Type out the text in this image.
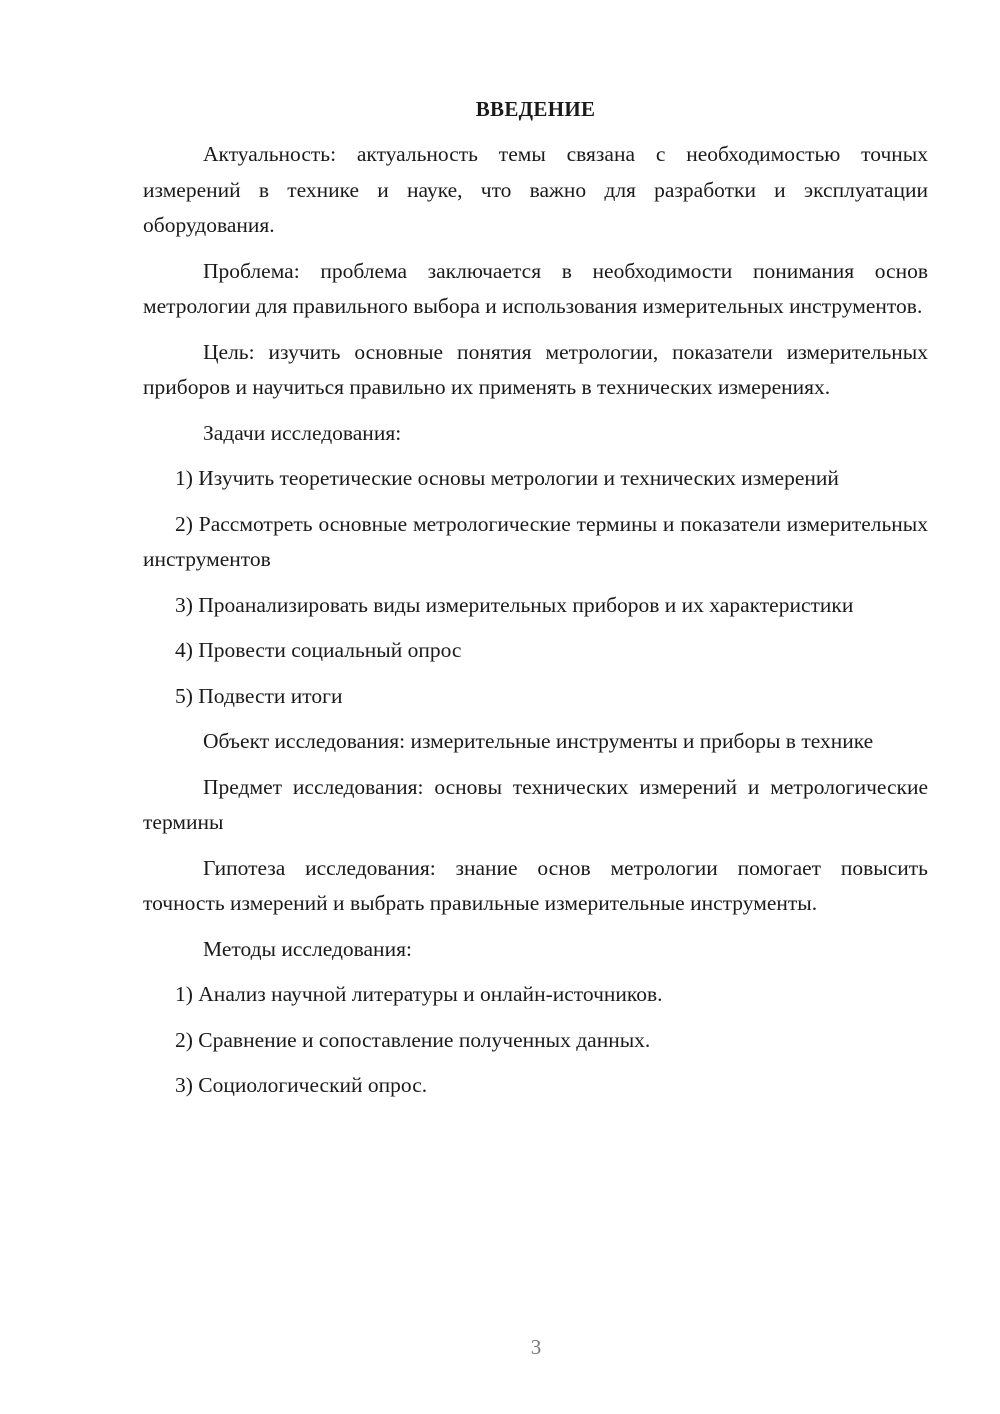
ВВЕДЕНИЕ

Актуальность: актуальность темы связана с необходимостью точных измерений в технике и науке, что важно для разработки и эксплуатации оборудования.

Проблема: проблема заключается в необходимости понимания основ метрологии для правильного выбора и использования измерительных инструментов.

Цель: изучить основные понятия метрологии, показатели измерительных приборов и научиться правильно их применять в технических измерениях.

Задачи исследования:

1) Изучить теоретические основы метрологии и технических измерений

2) Рассмотреть основные метрологические термины и показатели измерительных инструментов

3) Проанализировать виды измерительных приборов и их характеристики

4) Провести социальный опрос

5) Подвести итоги

Объект исследования: измерительные инструменты и приборы в технике

Предмет исследования: основы технических измерений и метрологические термины

Гипотеза исследования: знание основ метрологии помогает повысить точность измерений и выбрать правильные измерительные инструменты.

Методы исследования:

1) Анализ научной литературы и онлайн-источников.

2) Сравнение и сопоставление полученных данных.

3) Социологический опрос.

3
